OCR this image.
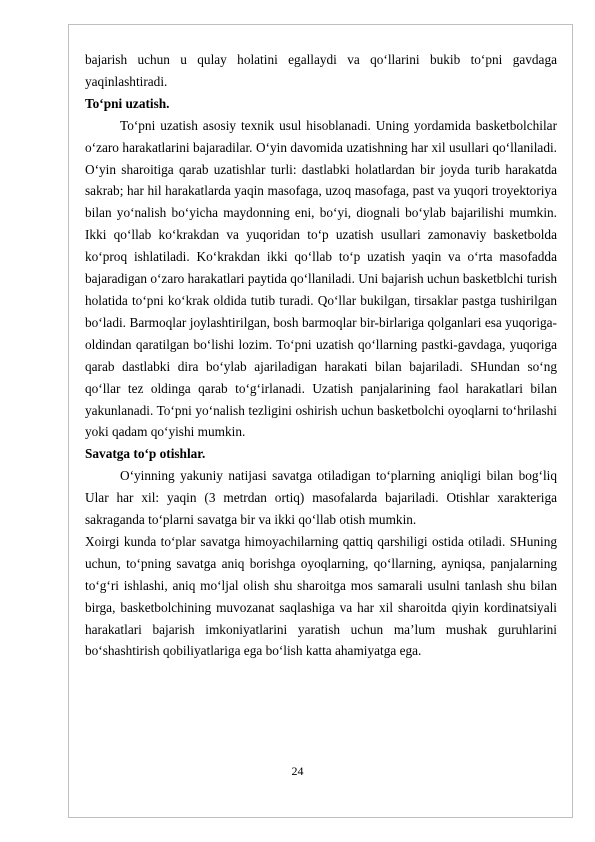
bajarish uchun u qulay holatini egallaydi va qo‘llarini bukib to‘pni gavdaga yaqinlashtiradi.

To‘pni uzatish.

To‘pni uzatish asosiy texnik usul hisoblanadi. Uning yordamida basketbolchilar o‘zaro harakatlarini bajaradilar. O‘yin davomida uzatishning har xil usullari qo‘llaniladi. O‘yin sharoitiga qarab uzatishlar turli: dastlabki holatlardan bir joyda turib harakatda sakrab; har hil harakatlarda yaqin masofaga, uzoq masofaga, past va yuqori troyektoriya bilan yo‘nalish bo‘yicha maydonning eni, bo‘yi, diognali bo‘ylab bajarilishi mumkin. Ikki qo‘llab ko‘krakdan va yuqoridan to‘p uzatish usullari zamonaviy basketbolda ko‘proq ishlatiladi. Ko‘krakdan ikki qo‘llab to‘p uzatish yaqin va o‘rta masofadda bajaradigan o‘zaro harakatlari paytida qo‘llaniladi. Uni bajarish uchun basketblchi turish holatida to‘pni ko‘krak oldida tutib turadi. Qo‘llar bukilgan, tirsaklar pastga tushirilgan bo‘ladi. Barmoqlar joylashtirilgan, bosh barmoqlar bir-birlariga qolganlari esa yuqoriga-oldindan qaratilgan bo‘lishi lozim. To‘pni uzatish qo‘llarning pastki-gavdaga, yuqoriga qarab dastlabki dira bo‘ylab ajariladigan harakati bilan bajariladi. SHundan so‘ng qo‘llar tez oldinga qarab to‘g‘irlanadi. Uzatish panjalarining faol harakatlari bilan yakunlanadi. To‘pni yo‘nalish tezligini oshirish uchun basketbolchi oyoqlarni to‘hrilashi yoki qadam qo‘yishi mumkin.

Savatga to‘p otishlar.

O‘yinning yakuniy natijasi savatga otiladigan to‘plarning aniqligi bilan bog‘liq Ular har xil: yaqin (3 metrdan ortiq) masofalarda bajariladi. Otishlar xarakteriga sakraganda to‘plarni savatga bir va ikki qo‘llab otish mumkin.

Xoirgi kunda to‘plar savatga himoyachilarning qattiq qarshiligi ostida otiladi. SHuning uchun, to‘pning savatga aniq borishga oyoqlarning, qo‘llarning, ayniqsa, panjalarning to‘g‘ri ishlashi, aniq mo‘ljal olish shu sharoitga mos samarali usulni tanlash shu bilan birga, basketbolchining muvozanat saqlashiga va har xil sharoitda qiyin kordinatsiyali harakatlari bajarish imkoniyatlarini yaratish uchun ma’lum mushak guruhlarini bo‘shashtirish qobiliyatlariga ega bo‘lish katta ahamiyatga ega.

24
